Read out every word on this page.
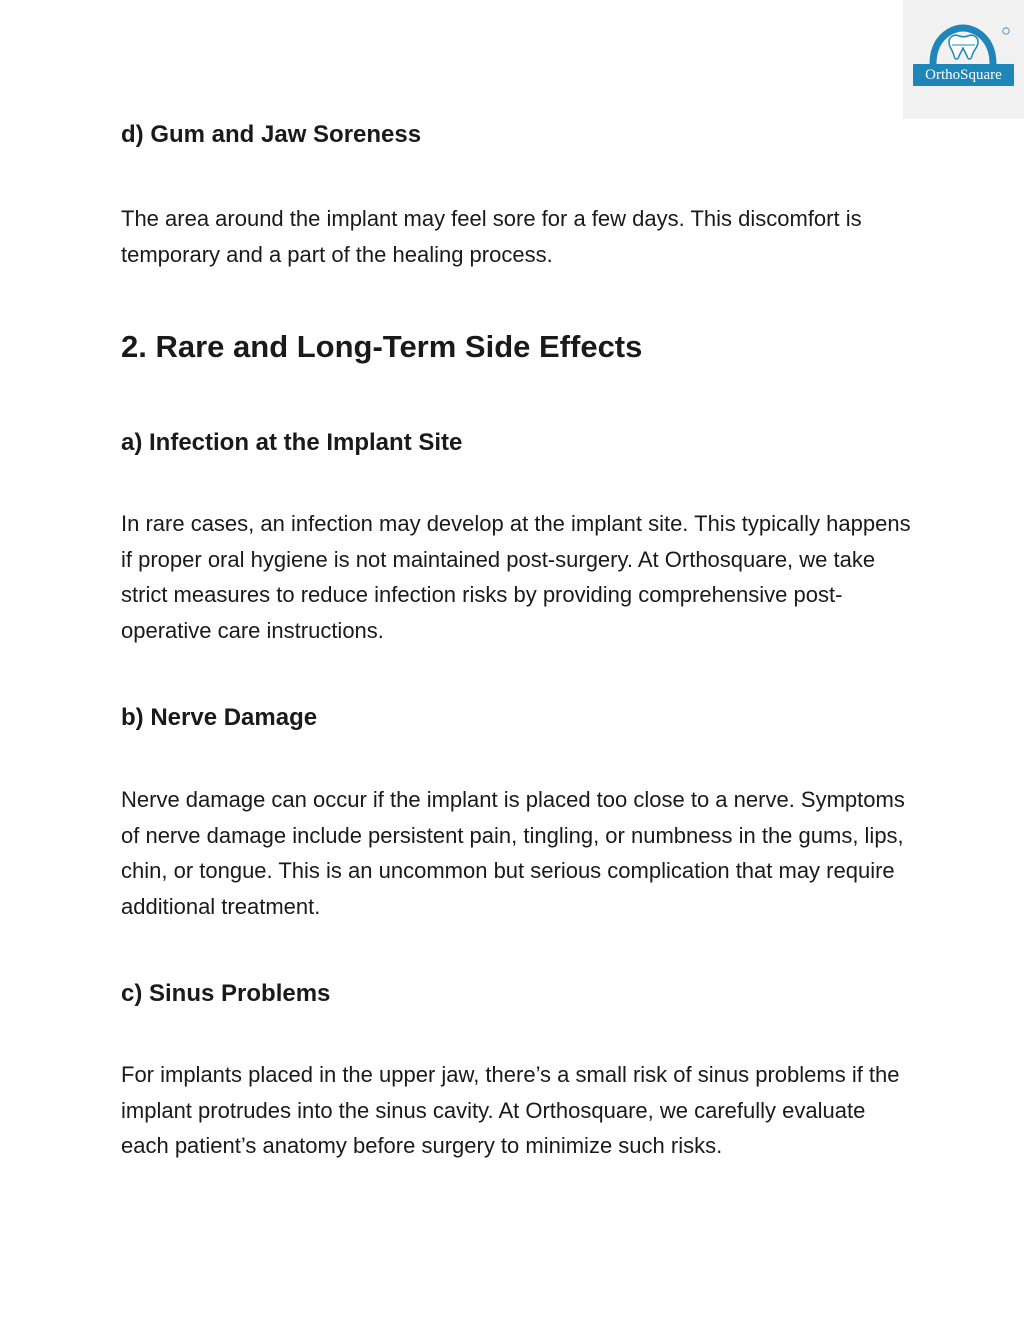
OrthoSquare
d) Gum and Jaw Soreness
The area around the implant may feel sore for a few days. This discomfort is temporary and a part of the healing process.
2. Rare and Long-Term Side Effects
a) Infection at the Implant Site
In rare cases, an infection may develop at the implant site. This typically happens if proper oral hygiene is not maintained post-surgery. At Orthosquare, we take strict measures to reduce infection risks by providing comprehensive post-operative care instructions.
b) Nerve Damage
Nerve damage can occur if the implant is placed too close to a nerve. Symptoms of nerve damage include persistent pain, tingling, or numbness in the gums, lips, chin, or tongue. This is an uncommon but serious complication that may require additional treatment.
c) Sinus Problems
For implants placed in the upper jaw, there’s a small risk of sinus problems if the implant protrudes into the sinus cavity. At Orthosquare, we carefully evaluate each patient’s anatomy before surgery to minimize such risks.
